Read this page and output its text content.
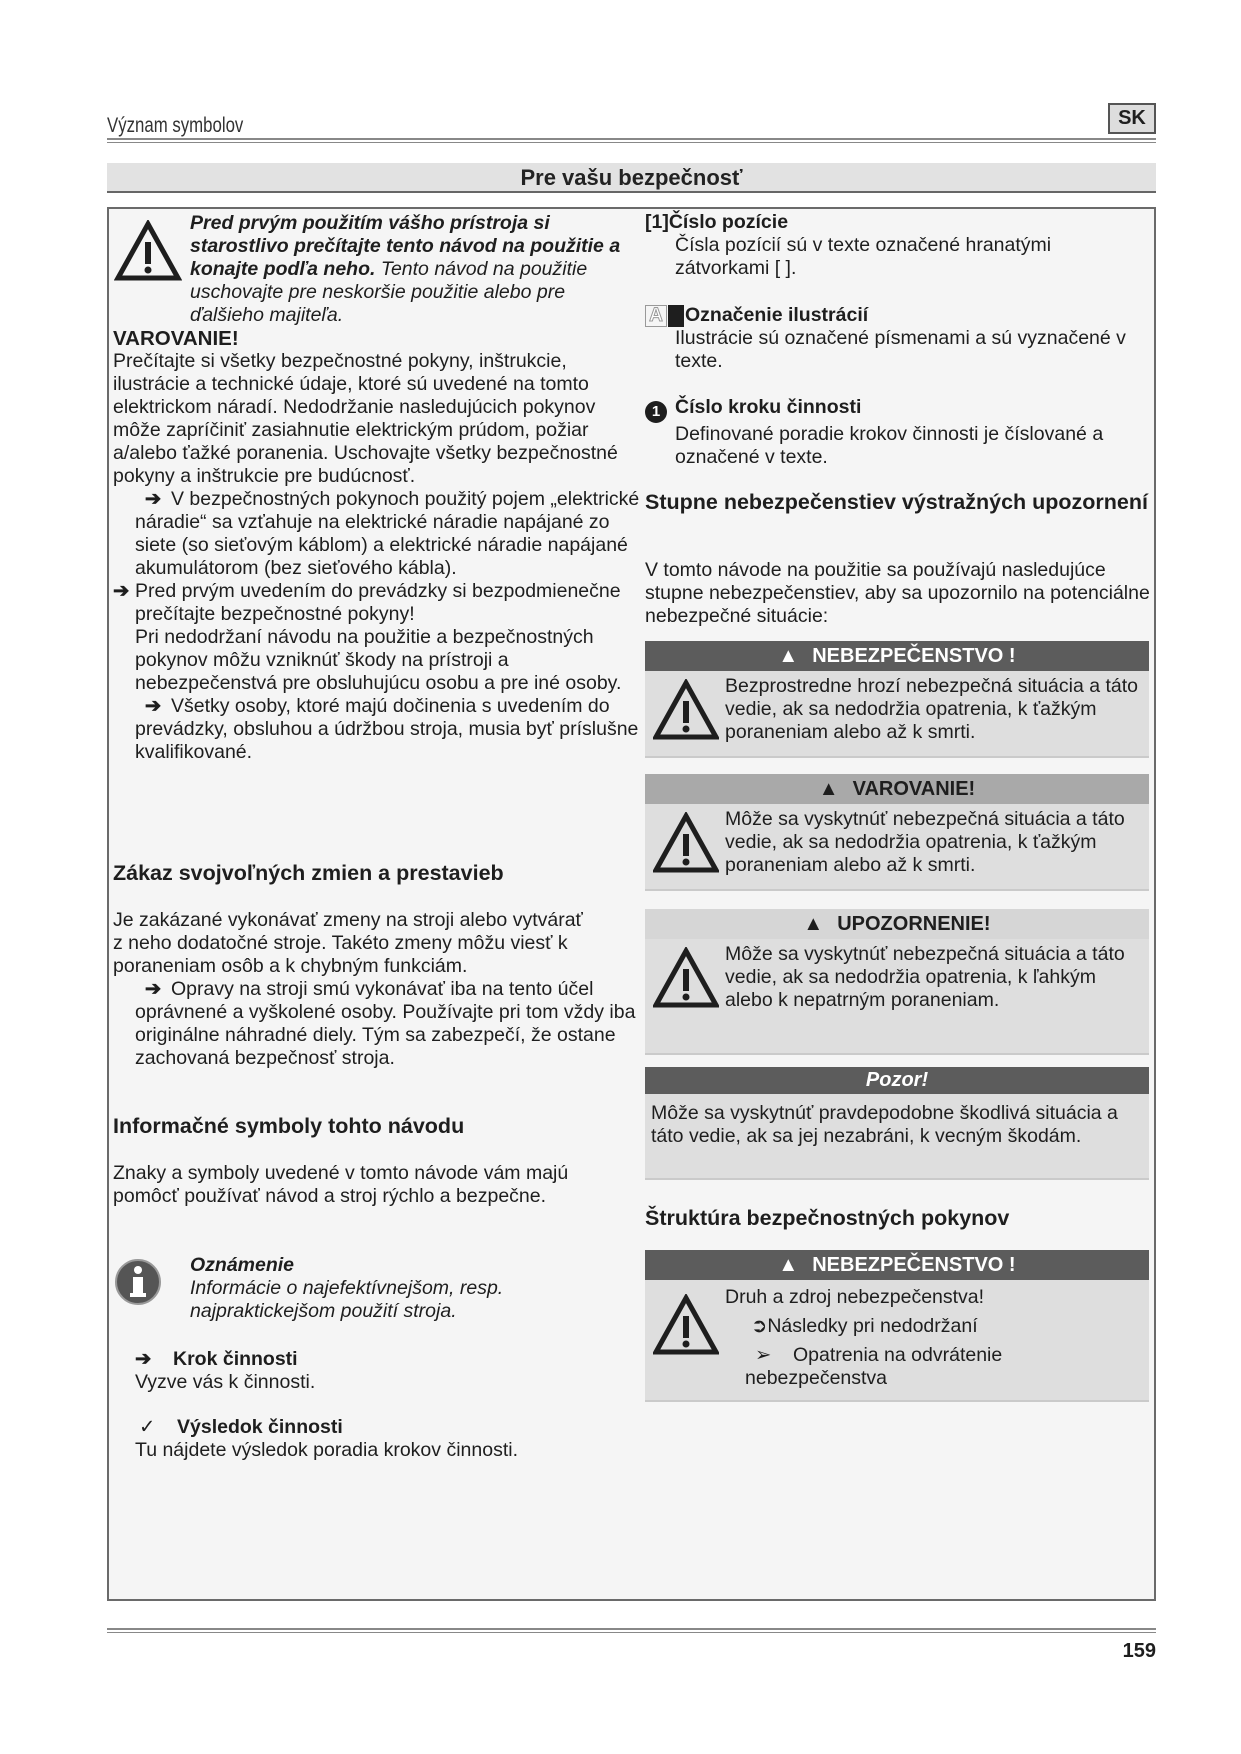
Význam symbolov	SK
Pre vašu bezpečnosť
Pred prvým použitím vášho prístroja si starostlivo prečítajte tento návod na použitie a konajte podľa neho. Tento návod na použitie uschovajte pre neskoršie použitie alebo pre ďalšieho majiteľa.
VAROVANIE!
Prečítajte si všetky bezpečnostné pokyny, inštrukcie, ilustrácie a technické údaje, ktoré sú uvedené na tomto elektrickom náradí. Nedodržanie nasledujúcich pokynov môže zapríčiniť zasiahnutie elektrickým prúdom, požiar a/alebo ťažké poranenia. Uschovajte všetky bezpečnostné pokyny a inštrukcie pre budúcnosť.
➔ V bezpečnostných pokynoch použitý pojem „elektrické náradie“ sa vzťahuje na elektrické náradie napájané zo siete (so sieťovým káblom) a elektrické náradie napájané akumulátorom (bez sieťového kábla).
➔ Pred prvým uvedením do prevádzky si bezpodmienečne prečítajte bezpečnostné pokyny!
Pri nedodržaní návodu na použitie a bezpečnostných pokynov môžu vzniknúť škody na prístroji a nebezpečenstvá pre obsluhujúcu osobu a pre iné osoby.
➔ Všetky osoby, ktoré majú dočinenia s uvedením do prevádzky, obsluhou a údržbou stroja, musia byť príslušne kvalifikované.
Zákaz svojvoľných zmien a prestavieb
Je zakázané vykonávať zmeny na stroji alebo vytvárať z neho dodatočné stroje. Takéto zmeny môžu viesť k poraneniam osôb a k chybným funkciám.
➔ Opravy na stroji smú vykonávať iba na tento účel oprávnené a vyškolené osoby. Používajte pri tom vždy iba originálne náhradné diely. Tým sa zabezpečí, že ostane zachovaná bezpečnosť stroja.
Informačné symboly tohto návodu
Znaky a symboly uvedené v tomto návode vám majú pomôcť používať návod a stroj rýchlo a bezpečne.
Oznámenie
Informácie o najefektívnejšom, resp. najpraktickejšom použití stroja.
➔ Krok činnosti
Vyzve vás k činnosti.
✓ Výsledok činnosti
Tu nájdete výsledok poradia krokov činnosti.
[1]Číslo pozície
Čísla pozícií sú v texte označené hranatými zátvorkami [ ].
A Označenie ilustrácií
Ilustrácie sú označené písmenami a sú vyznačené v texte.
1 Číslo kroku činnosti
Definované poradie krokov činnosti je číslované a označené v texte.
Stupne nebezpečenstiev výstražných upozornení
V tomto návode na použitie sa používajú nasledujúce stupne nebezpečenstiev, aby sa upozornilo na potenciálne nebezpečné situácie:
▲ NEBEZPEČENSTVO !
Bezprostredne hrozí nebezpečná situácia a táto vedie, ak sa nedodržia opatrenia, k ťažkým poraneniam alebo až k smrti.
▲ VAROVANIE!
Môže sa vyskytnúť nebezpečná situácia a táto vedie, ak sa nedodržia opatrenia, k ťažkým poraneniam alebo až k smrti.
▲ UPOZORNENIE!
Môže sa vyskytnúť nebezpečná situácia a táto vedie, ak sa nedodržia opatrenia, k ľahkým alebo k nepatrným poraneniam.
Pozor!
Môže sa vyskytnúť pravdepodobne škodlivá situácia a táto vedie, ak sa jej nezabráni, k vecným škodám.
Štruktúra bezpečnostných pokynov
▲ NEBEZPEČENSTVO !
Druh a zdroj nebezpečenstva!
➲Následky pri nedodržaní
➢ Opatrenia na odvrátenie nebezpečenstva
159
